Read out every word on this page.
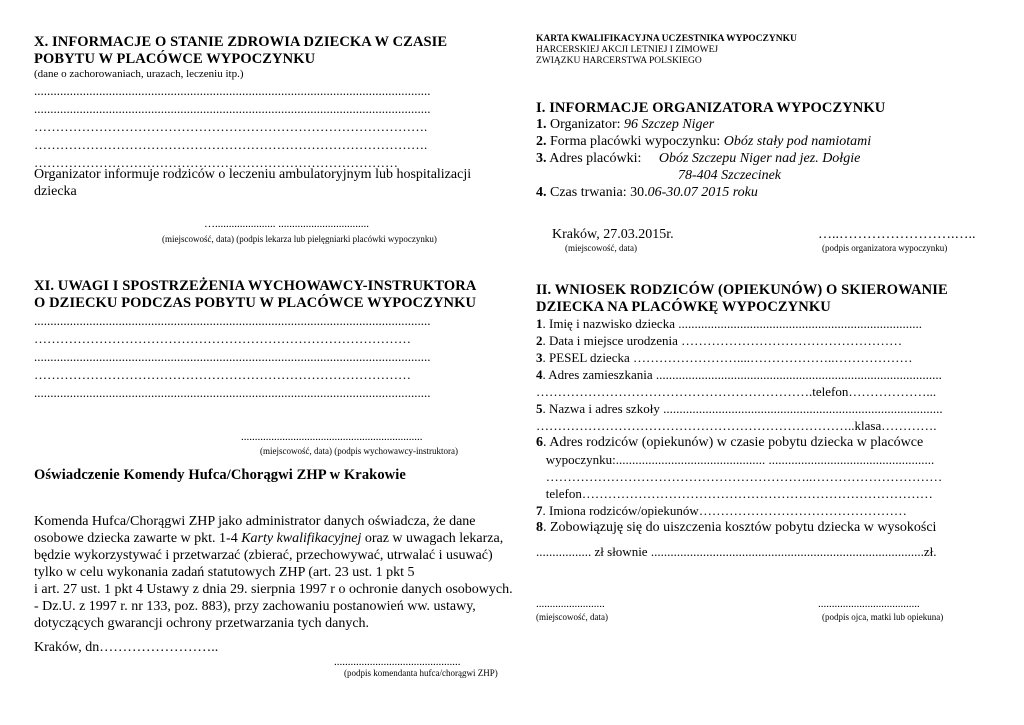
X. INFORMACJE O STANIE ZDROWIA DZIECKA W CZASIE
POBYTU W PLACÓWCE WYPOCZYNKU
(dane o zachorowaniach, urazach, leczeniu itp.)
..........................................................................................................................
..........................................................................................................................
……………………………………………………………………………….
……………………………………………………………………………….
…………………………………………………………………………
Organizator informuje rodziców o leczeniu ambulatoryjnym lub hospitalizacji
dziecka
…...................... .................................
(miejscowość, data) (podpis lekarza lub pielęgniarki placówki wypoczynku)
XI. UWAGI I SPOSTRZEŻENIA WYCHOWAWCY-INSTRUKTORA
O DZIECKU PODCZAS POBYTU W PLACÓWCE WYPOCZYNKU
..........................................................................................................................
……………………………………………………………………………
..........................................................................................................................
……………………………………………………………………………
..........................................................................................................................
..................................................................
(miejscowość, data) (podpis wychowawcy-instruktora)
Oświadczenie Komendy Hufca/Chorągwi ZHP w Krakowie
Komenda Hufca/Chorągwi ZHP jako administrator danych oświadcza, że dane
osobowe dziecka zawarte w pkt. 1-4 Karty kwalifikacyjnej oraz w uwagach lekarza,
będzie wykorzystywać i przetwarzać (zbierać, przechowywać, utrwalać i usuwać)
tylko w celu wykonania zadań statutowych ZHP (art. 23 ust. 1 pkt 5
i art. 27 ust. 1 pkt 4 Ustawy z dnia 29. sierpnia 1997 r o ochronie danych osobowych.
- Dz.U. z 1997 r. nr 133, poz. 883), przy zachowaniu postanowień ww. ustawy,
dotyczących gwarancji ochrony przetwarzania tych danych.
Kraków, dn……………………..
..............................................
(podpis komendanta hufca/chorągwi ZHP)
KARTA KWALIFIKACYJNA UCZESTNIKA WYPOCZYNKU
HARCERSKIEJ AKCJI LETNIEJ I ZIMOWEJ
ZWIĄZKU HARCERSTWA POLSKIEGO
I. INFORMACJE ORGANIZATORA WYPOCZYNKU
1. Organizator: 96 Szczep Niger
2. Forma placówki wypoczynku: Obóz stały pod namiotami
3. Adres placówki:     Obóz Szczepu Niger nad jez. Dołgie
78-404 Szczecinek
4. Czas trwania: 30.06-30.07 2015 roku
Kraków, 27.03.2015r.	…..…………………….…..
(miejscowość, data)	(podpis organizatora wypoczynku)
II. WNIOSEK RODZICÓW (OPIEKUNÓW) O SKIEROWANIE
DZIECKA NA PLACÓWKĘ WYPOCZYNKU
1. Imię i nazwisko dziecka ...........................................................................
2. Data i miejsce urodzenia ……………………………………………
3. PESEL dziecka ……………………....………………..………………
4. Adres zamieszkania ........................................................................................
……………………………………………………….telefon………………...
5. Nazwa i adres szkoły ......................................................................................
………………………………………………………………..klasa………….
6. Adres rodziców (opiekunów) w czasie pobytu dziecka w placówce
wypoczynku:.............................................. ...................................................
……………………………………………………..…………………………
telefon………………………………………………………………………
7. Imiona rodziców/opiekunów…………………………………………
8. Zobowiązuję się do uiszczenia kosztów pobytu dziecka w wysokości
................. zł słownie ....................................................................................zł.
.........................	.....................................
(miejscowość, data)	(podpis ojca, matki lub opiekuna)
